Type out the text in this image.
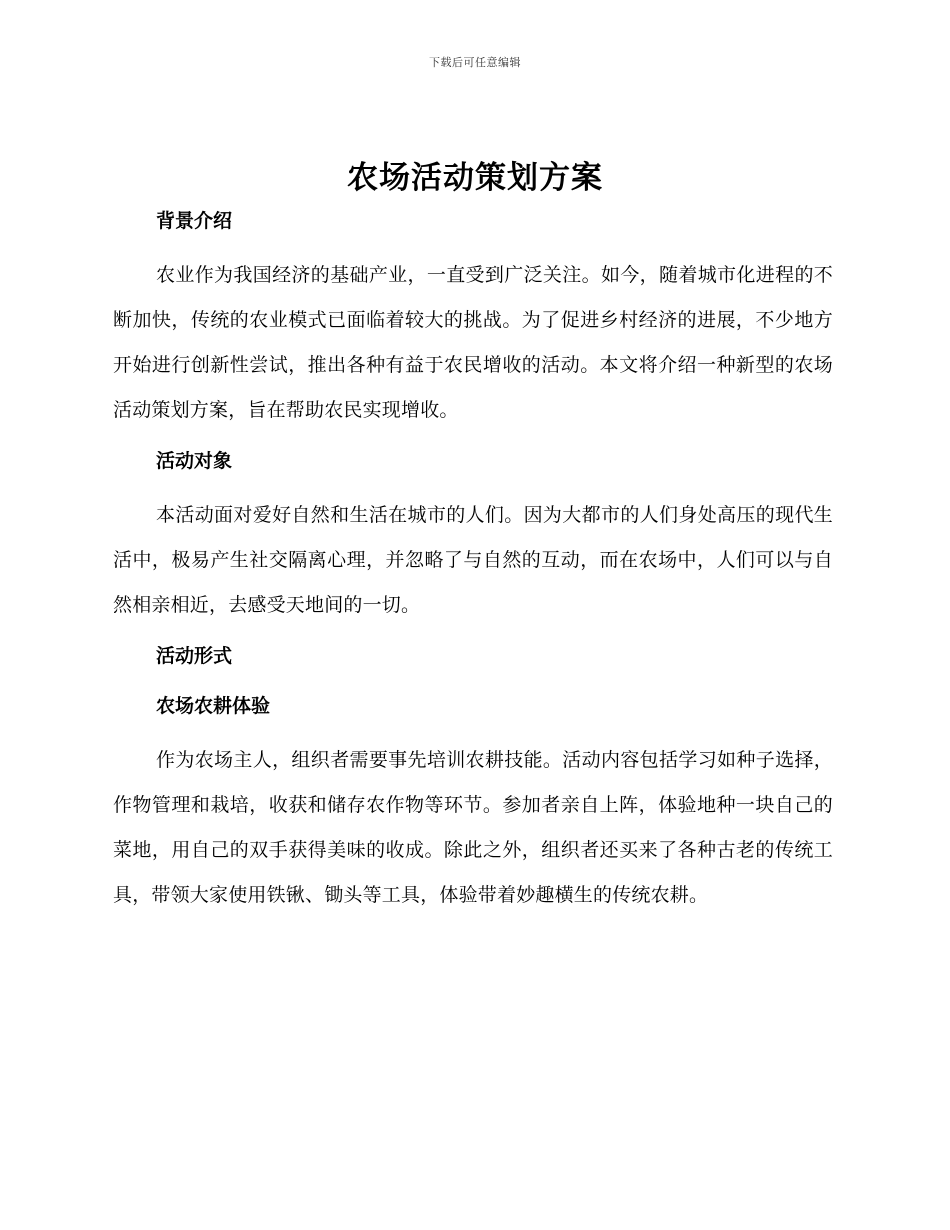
下载后可任意编辑
农场活动策划方案
背景介绍

农业作为我国经济的基础产业，一直受到广泛关注。如今，随着城市化进程的不断加快，传统的农业模式已面临着较大的挑战。为了促进乡村经济的进展，不少地方开始进行创新性尝试，推出各种有益于农民增收的活动。本文将介绍一种新型的农场活动策划方案，旨在帮助农民实现增收。

活动对象

本活动面对爱好自然和生活在城市的人们。因为大都市的人们身处高压的现代生活中，极易产生社交隔离心理，并忽略了与自然的互动，而在农场中，人们可以与自然相亲相近，去感受天地间的一切。

活动形式
农场农耕体验

作为农场主人，组织者需要事先培训农耕技能。活动内容包括学习如种子选择，作物管理和栽培，收获和储存农作物等环节。参加者亲自上阵，体验地种一块自己的菜地，用自己的双手获得美味的收成。除此之外，组织者还买来了各种古老的传统工具，带领大家使用铁锹、锄头等工具，体验带着妙趣横生的传统农耕。
